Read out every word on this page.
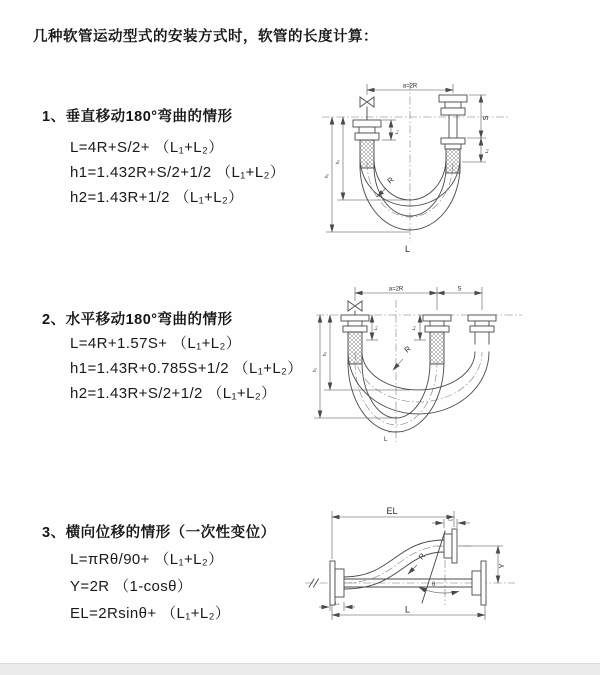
几种软管运动型式的安装方式时，软管的长度计算：
1、垂直移动180°弯曲的情形
L=4R+S/2+ （L₁+L₂）
h1=1.432R+S/2+1/2 （L₁+L₂）
h2=1.43R+1/2 （L₁+L₂）
a=2R
L₁
S
L₂
h₂
h₁	R
L
2、水平移动180°弯曲的情形
L=4R+1.57S+ （L₁+L₂）
h1=1.43R+0.785S+1/2 （L₁+L₂）
h2=1.43R+S/2+1/2 （L₁+L₂）
a=2R	S
L₁	L₂
h₂
h₁
R
L
3、横向位移的情形（一次性变位）
L=πRθ/90+ （L₁+L₂）
Y=2R （1-cosθ）
EL=2Rsinθ+ （L₁+L₂）
EL
L₂
Y
R
θ
L₁
L
